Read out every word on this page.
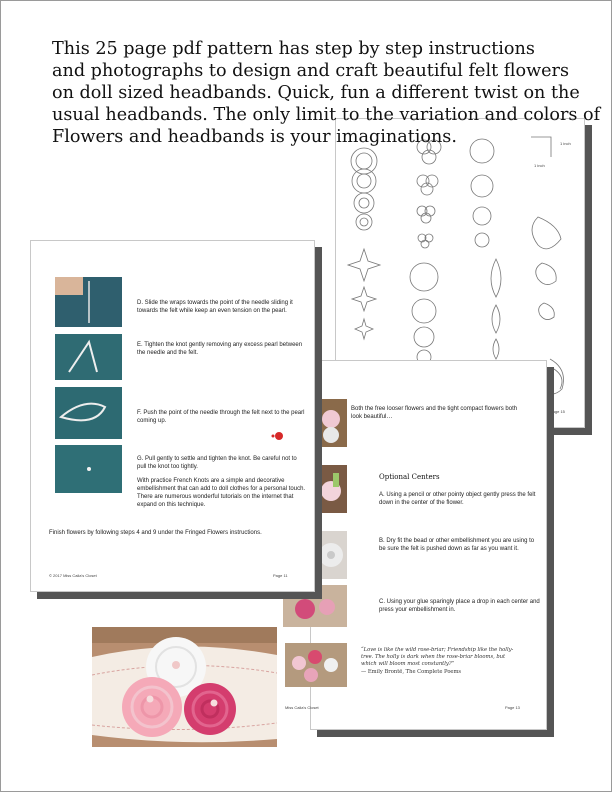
This 25 page pdf pattern has step by step instructions
and photographs to design and craft beautiful felt flowers
on doll sized headbands. Quick, fun a different twist on the
usual headbands. The only limit to the variation and colors of
Flowers and headbands is your imaginations.	1 inch
1 inch
Page 15

Both the free looser flowers and the tight compact flowers both look beautiful…

Optional Centers

A. Using a pencil or other pointy object gently press the felt down in the center of the flower.

B. Dry fit the bead or other embellishment you are using to be sure the felt is pushed down as far as you want it.

C. Using your glue sparingly place a drop in each center and press your embellishment in.

“Love is like the wild rose-briar; Friendship like the holly-tree. The holly is dark when the rose-briar blooms, but which will bloom most constantly?”

— Emily Brontë, The Complete Poems

Miss Caila's Closet	Page 13

D. Slide the wraps towards the point of the needle sliding it towards the felt while keep an even tension on the pearl.

E. Tighten the knot gently removing any excess pearl between the needle and the felt.

F. Push the point of the needle through the felt next to the pearl coming up.

G. Pull gently to settle and tighten the knot. Be careful not to pull the knot too tightly.

With practice French Knots are a simple and decorative embellishment that can add to doll clothes for a personal touch. There are numerous wonderful tutorials on the internet that expand on this technique.

Finish flowers by following steps 4 and 9 under the Fringed Flowers instructions.

© 2017 Miss Caila's Closet	Page 11
